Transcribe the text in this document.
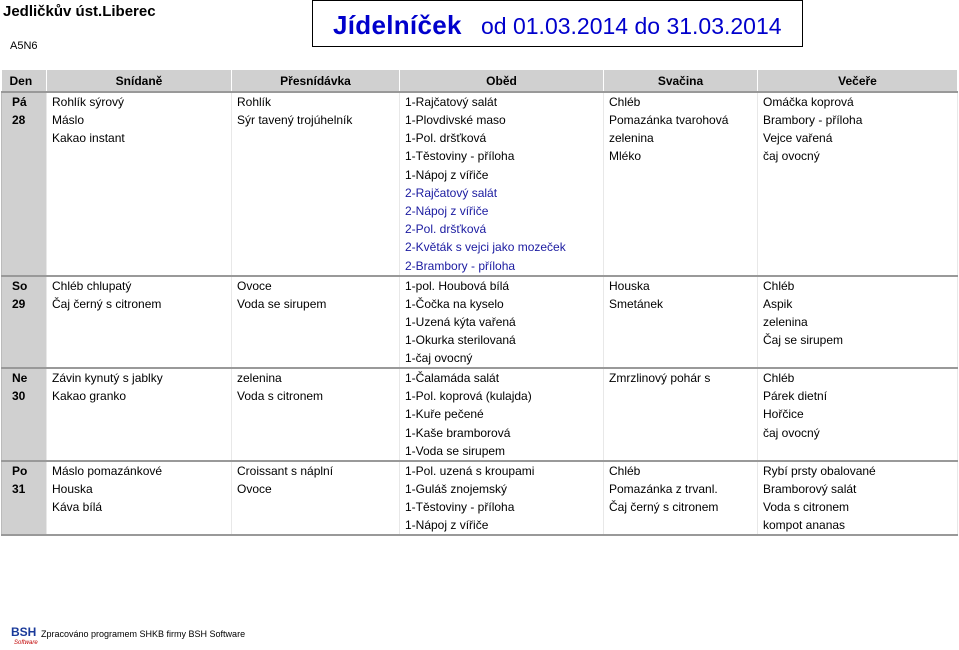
Jedličkův úst.Liberec
A5N6
Jídelníček od 01.03.2014 do 31.03.2014
Den	Snídaně	Přesnídávka	Oběd	Svačina	Večeře
Pá	Rohlík sýrový	Rohlík	1-Rajčatový salát	Chléb	Omáčka koprová
28	Máslo	Sýr tavený trojúhelník	1-Plovdivské maso	Pomazánka tvarohová	Brambory - příloha
	Kakao instant		1-Pol. dršťková	zelenina	Vejce vařená
			1-Těstoviny - příloha	Mléko	čaj ovocný
			1-Nápoj z vířiče		
			2-Rajčatový salát		
			2-Nápoj z vířiče		
			2-Pol. dršťková		
			2-Květák s vejci jako mozeček		
			2-Brambory - příloha		
So	Chléb chlupatý	Ovoce	1-pol. Houbová bílá	Houska	Chléb
29	Čaj černý s citronem	Voda se sirupem	1-Čočka na kyselo	Smetánek	Aspik
			1-Uzená kýta vařená		zelenina
			1-Okurka sterilovaná		Čaj se sirupem
			1-čaj ovocný		
Ne	Závin kynutý s jablky	zelenina	1-Čalamáda salát	Zmrzlinový pohár s	Chléb
30	Kakao granko	Voda s citronem	1-Pol. koprová (kulajda)		Párek dietní
			1-Kuře pečené		Hořčice
			1-Kaše bramborová		čaj ovocný
			1-Voda se sirupem		
Po	Máslo pomazánkové	Croissant s náplní	1-Pol. uzená s kroupami	Chléb	Rybí prsty obalované
31	Houska	Ovoce	1-Guláš znojemský	Pomazánka z trvanl.	Bramborový salát
	Káva bílá		1-Těstoviny - příloha	Čaj černý s citronem	Voda s citronem
			1-Nápoj z vířiče		kompot ananas
BSH
Software
Zpracováno programem SHKB firmy BSH Software
